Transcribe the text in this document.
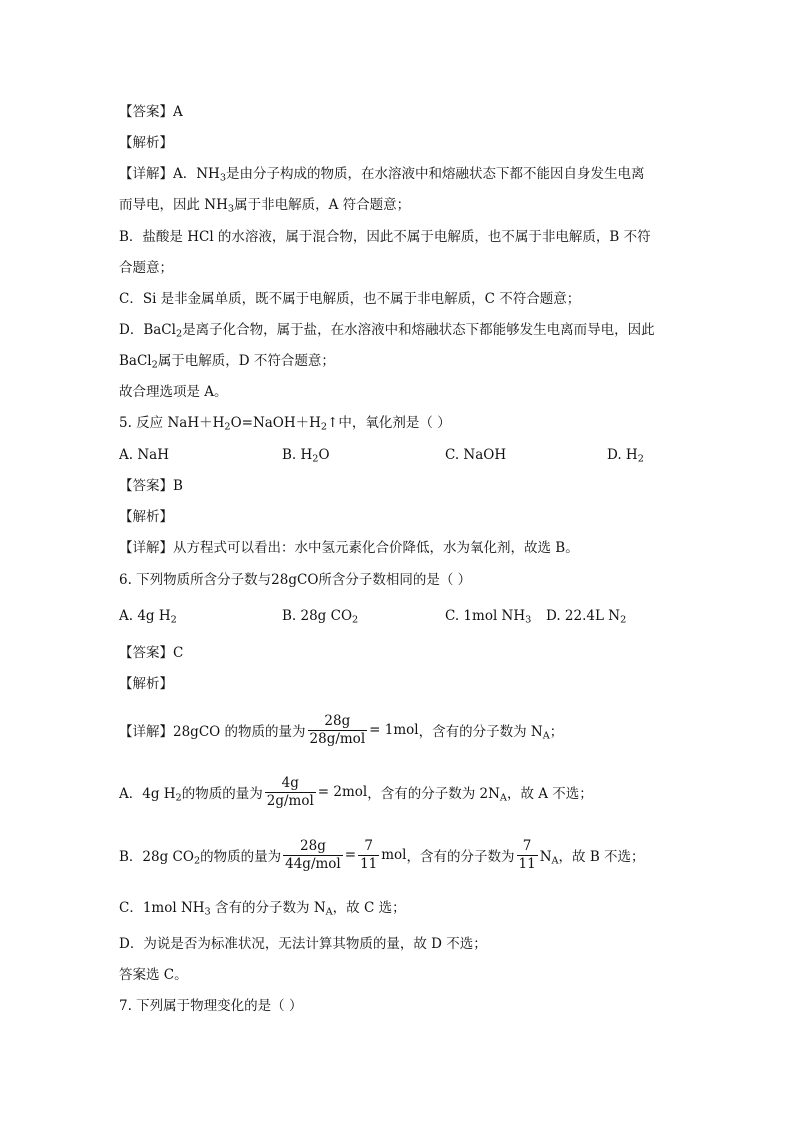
【答案】A
【解析】
【详解】A．$NH_3$是由分子构成的物质，在水溶液中和熔融状态下都不能因自身发生电离
而导电，因此 $NH_3$属于非电解质，A 符合题意；
B．盐酸是 HCl 的水溶液，属于混合物，因此不属于电解质，也不属于非电解质，B 不符
合题意；
C．Si 是非金属单质，既不属于电解质，也不属于非电解质，C 不符合题意；
D．BaCl$_2$是离子化合物，属于盐，在水溶液中和熔融状态下都能够发生电离而导电，因此
BaCl$_2$属于电解质，D 不符合题意；
故合理选项是 A。
5. 反应 $NaH+H_2O=NaOH+H_2↑$中，氧化剂是（ ）
A. NaH	B. $H_2O$	C. NaOH	D. $H_2$
【答案】B
【解析】
【详解】从方程式可以看出：水中氢元素化合价降低，水为氧化剂，故选 B。
6. 下列物质所含分子数与28gCO所含分子数相同的是（ ）
A. 4g $H_2$	B. 28g $CO_2$	C. 1mol $NH_3$ D. 22.4L $N_2$
【答案】C
【解析】
【详解】28gCO 的物质的量为 $\frac{28g}{\text{28g/mol}} = 1mol$ ，含有的分子数为 $N_A$；
A．4g $H_2$的物质的量为 $\frac{4g}{\text{2g/mol}} = 2mol$ ，含有的分子数为 $2N_A$，故 A 不选；
B．28g $CO_2$的物质的量为 $\frac{28g}{\text{44g/mol}} = \frac{7}{11}$ mol ，含有的分子数为 $\frac{7}{11} N_A$，故 B 不选；
C．1mol $NH_3$ 含有的分子数为 $N_A$，故 C 选；
D．为说是否为标准状况，无法计算其物质的量，故 D 不选；
答案选 C。
7. 下列属于物理变化的是（ ）
